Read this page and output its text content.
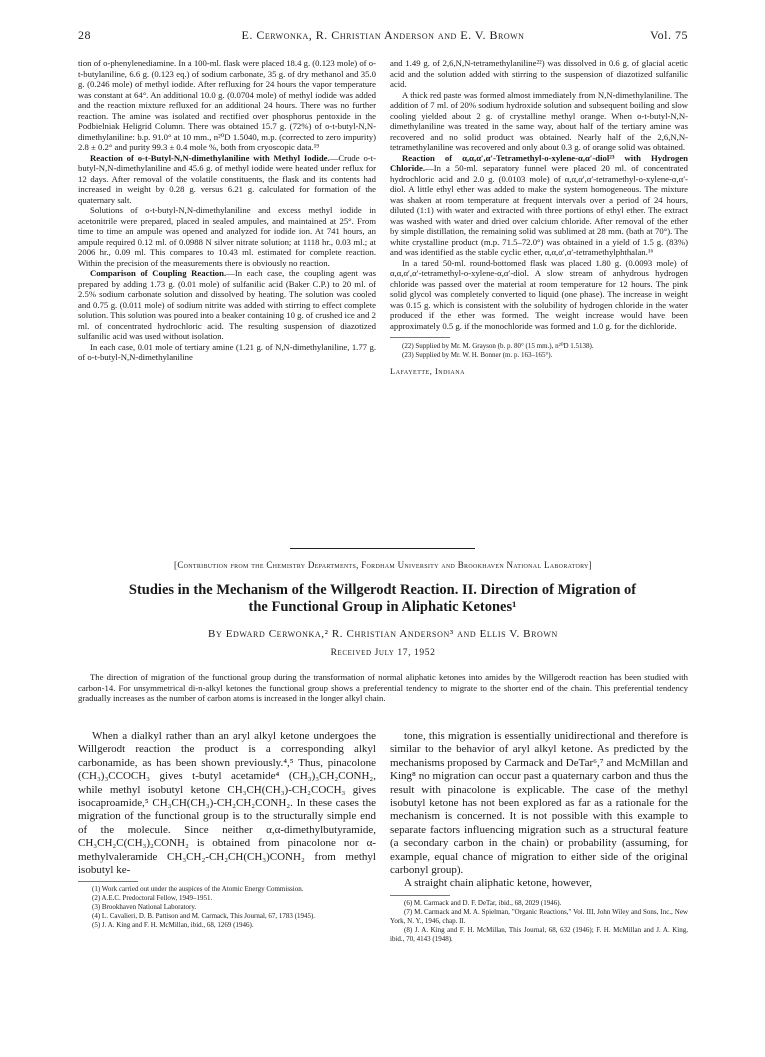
28	E. Cerwonka, R. Christian Anderson and E. V. Brown	Vol. 75

tion of o-phenylenediamine. In a 100-ml. flask were placed 18.4 g. (0.123 mole) of o-t-butylaniline, 6.6 g. (0.123 eq.) of sodium carbonate, 35 g. of dry methanol and 35.0 g. (0.246 mole) of methyl iodide. After refluxing for 24 hours the vapor temperature was constant at 64°. An additional 10.0 g. (0.0704 mole) of methyl iodide was added and the reaction mixture refluxed for an additional 24 hours. There was no further reaction. The amine was isolated and rectified over phosphorus pentoxide in the Podbielniak Heligrid Column. There was obtained 15.7 g. (72%) of o-t-butyl-N,N-dimethylaniline: b.p. 91.0° at 10 mm., n²⁰D 1.5040, m.p. (corrected to zero impurity) 2.8 ± 0.2° and purity 99.3 ± 0.4 mole %, both from cryoscopic data.¹⁹

Reaction of o-t-Butyl-N,N-dimethylaniline with Methyl Iodide.—Crude o-t-butyl-N,N-dimethylaniline and 45.6 g. of methyl iodide were heated under reflux for 12 days. After removal of the volatile constituents, the flask and its contents had increased in weight by 0.28 g. versus 6.21 g. calculated for formation of the quaternary salt.

Solutions of o-t-butyl-N,N-dimethylaniline and excess methyl iodide in acetonitrile were prepared, placed in sealed ampules, and maintained at 25°. From time to time an ampule was opened and analyzed for iodide ion. At 741 hours, an ampule required 0.12 ml. of 0.0988 N silver nitrate solution; at 1118 hr., 0.03 ml.; at 2006 hr., 0.09 ml. This compares to 10.43 ml. estimated for complete reaction. Within the precision of the measurements there is obviously no reaction.

Comparison of Coupling Reaction.—In each case, the coupling agent was prepared by adding 1.73 g. (0.01 mole) of sulfanilic acid (Baker C.P.) to 20 ml. of 2.5% sodium carbonate solution and dissolved by heating. The solution was cooled and 0.75 g. (0.011 mole) of sodium nitrite was added with stirring to effect complete solution. This solution was poured into a beaker containing 10 g. of crushed ice and 2 ml. of concentrated hydrochloric acid. The resulting suspension of diazotized sulfanilic acid was used without isolation.

In each case, 0.01 mole of tertiary amine (1.21 g. of N,N-dimethylaniline, 1.77 g. of o-t-butyl-N,N-dimethylaniline

and 1.49 g. of 2,6,N,N-tetramethylaniline²²) was dissolved in 0.6 g. of glacial acetic acid and the solution added with stirring to the suspension of diazotized sulfanilic acid.

A thick red paste was formed almost immediately from N,N-dimethylaniline. The addition of 7 ml. of 20% sodium hydroxide solution and subsequent boiling and slow cooling yielded about 2 g. of crystalline methyl orange. When o-t-butyl-N,N-dimethylaniline was treated in the same way, about half of the tertiary amine was recovered and no solid product was obtained. Nearly half of the 2,6,N,N-tetramethylaniline was recovered and only about 0.3 g. of orange solid was obtained.

Reaction of α,α,α′,α′-Tetramethyl-o-xylene-α,α′-diol²³ with Hydrogen Chloride.—In a 50-ml. separatory funnel were placed 20 ml. of concentrated hydrochloric acid and 2.0 g. (0.0103 mole) of α,α,α′,α′-tetramethyl-o-xylene-α,α′-diol. A little ethyl ether was added to make the system homogeneous. The mixture was shaken at room temperature at frequent intervals over a period of 24 hours, diluted (1:1) with water and extracted with three portions of ethyl ether. The extract was washed with water and dried over calcium chloride. After removal of the ether by simple distillation, the remaining solid was sublimed at 28 mm. (bath at 70°). The white crystalline product (m.p. 71.5–72.0°) was obtained in a yield of 1.5 g. (83%) and was identified as the stable cyclic ether, α,α,α′,α′-tetramethylphthalan.¹⁶

In a tared 50-ml. round-bottomed flask was placed 1.80 g. (0.0093 mole) of α,α,α′,α′-tetramethyl-o-xylene-α,α′-diol. A slow stream of anhydrous hydrogen chloride was passed over the material at room temperature for 12 hours. The pink solid glycol was completely converted to liquid (one phase). The increase in weight was 0.15 g. which is consistent with the solubility of hydrogen chloride in the water produced if the ether was formed. The weight increase would have been approximately 0.5 g. if the monochloride was formed and 1.0 g. for the dichloride.

(22) Supplied by Mr. M. Grayson (b. p. 80° (15 mm.), n²⁰D 1.5138).

(23) Supplied by Mr. W. H. Bonner (m. p. 163–165°).

Lafayette, Indiana
[Contribution from the Chemistry Departments, Fordham University and Brookhaven National Laboratory]
Studies in the Mechanism of the Willgerodt Reaction. II. Direction of Migration of
the Functional Group in Aliphatic Ketones¹
By Edward Cerwonka,² R. Christian Anderson³ and Ellis V. Brown
Received July 17, 1952

The direction of migration of the functional group during the transformation of normal aliphatic ketones into amides by the Willgerodt reaction has been studied with carbon-14. For unsymmetrical di-n-alkyl ketones the functional group shows a preferential tendency to migrate to the shorter end of the chain. This preferential tendency gradually increases as the number of carbon atoms is increased in the longer alkyl chain.

When a dialkyl rather than an aryl alkyl ketone undergoes the Willgerodt reaction the product is a corresponding alkyl carbonamide, as has been shown previously.⁴,⁵ Thus, pinacolone (CH₃)₃CCOCH₃ gives t-butyl acetamide⁴ (CH₃)₃CH₂CONH₂, while methyl isobutyl ketone CH₃CH(CH₃)-CH₂COCH₃ gives isocaproamide,⁵ CH₃CH(CH₃)-CH₂CH₂CONH₂. In these cases the migration of the functional group is to the structurally simple end of the molecule. Since neither α,α-dimethylbutyramide, CH₃CH₂C(CH₃)₂CONH₂ is obtained from pinacolone nor α-methylvaleramide CH₃CH₂-CH₂CH(CH₃)CONH₂ from methyl isobutyl ke-

(1) Work carried out under the auspices of the Atomic Energy Commission.

(2) A.E.C. Predoctoral Fellow, 1949–1951.

(3) Brookhaven National Laboratory.

(4) L. Cavalieri, D. B. Pattison and M. Carmack, This Journal, 67, 1783 (1945).

(5) J. A. King and F. H. McMillan, ibid., 68, 1269 (1946).

tone, this migration is essentially unidirectional and therefore is similar to the behavior of aryl alkyl ketone. As predicted by the mechanisms proposed by Carmack and DeTar⁶,⁷ and McMillan and King⁸ no migration can occur past a quaternary carbon and thus the result with pinacolone is explicable. The case of the methyl isobutyl ketone has not been explored as far as a rationale for the mechanism is concerned. It is not possible with this example to separate factors influencing migration such as a structural feature (a secondary carbon in the chain) or probability (assuming, for example, equal chance of migration to either side of the original carbonyl group).

A straight chain aliphatic ketone, however,

(6) M. Carmack and D. F. DeTar, ibid., 68, 2029 (1946).

(7) M. Carmack and M. A. Spielman, "Organic Reactions," Vol. III, John Wiley and Sons, Inc., New York, N. Y., 1946, chap. II.

(8) J. A. King and F. H. McMillan, This Journal, 68, 632 (1946); F. H. McMillan and J. A. King, ibid., 70, 4143 (1948).
